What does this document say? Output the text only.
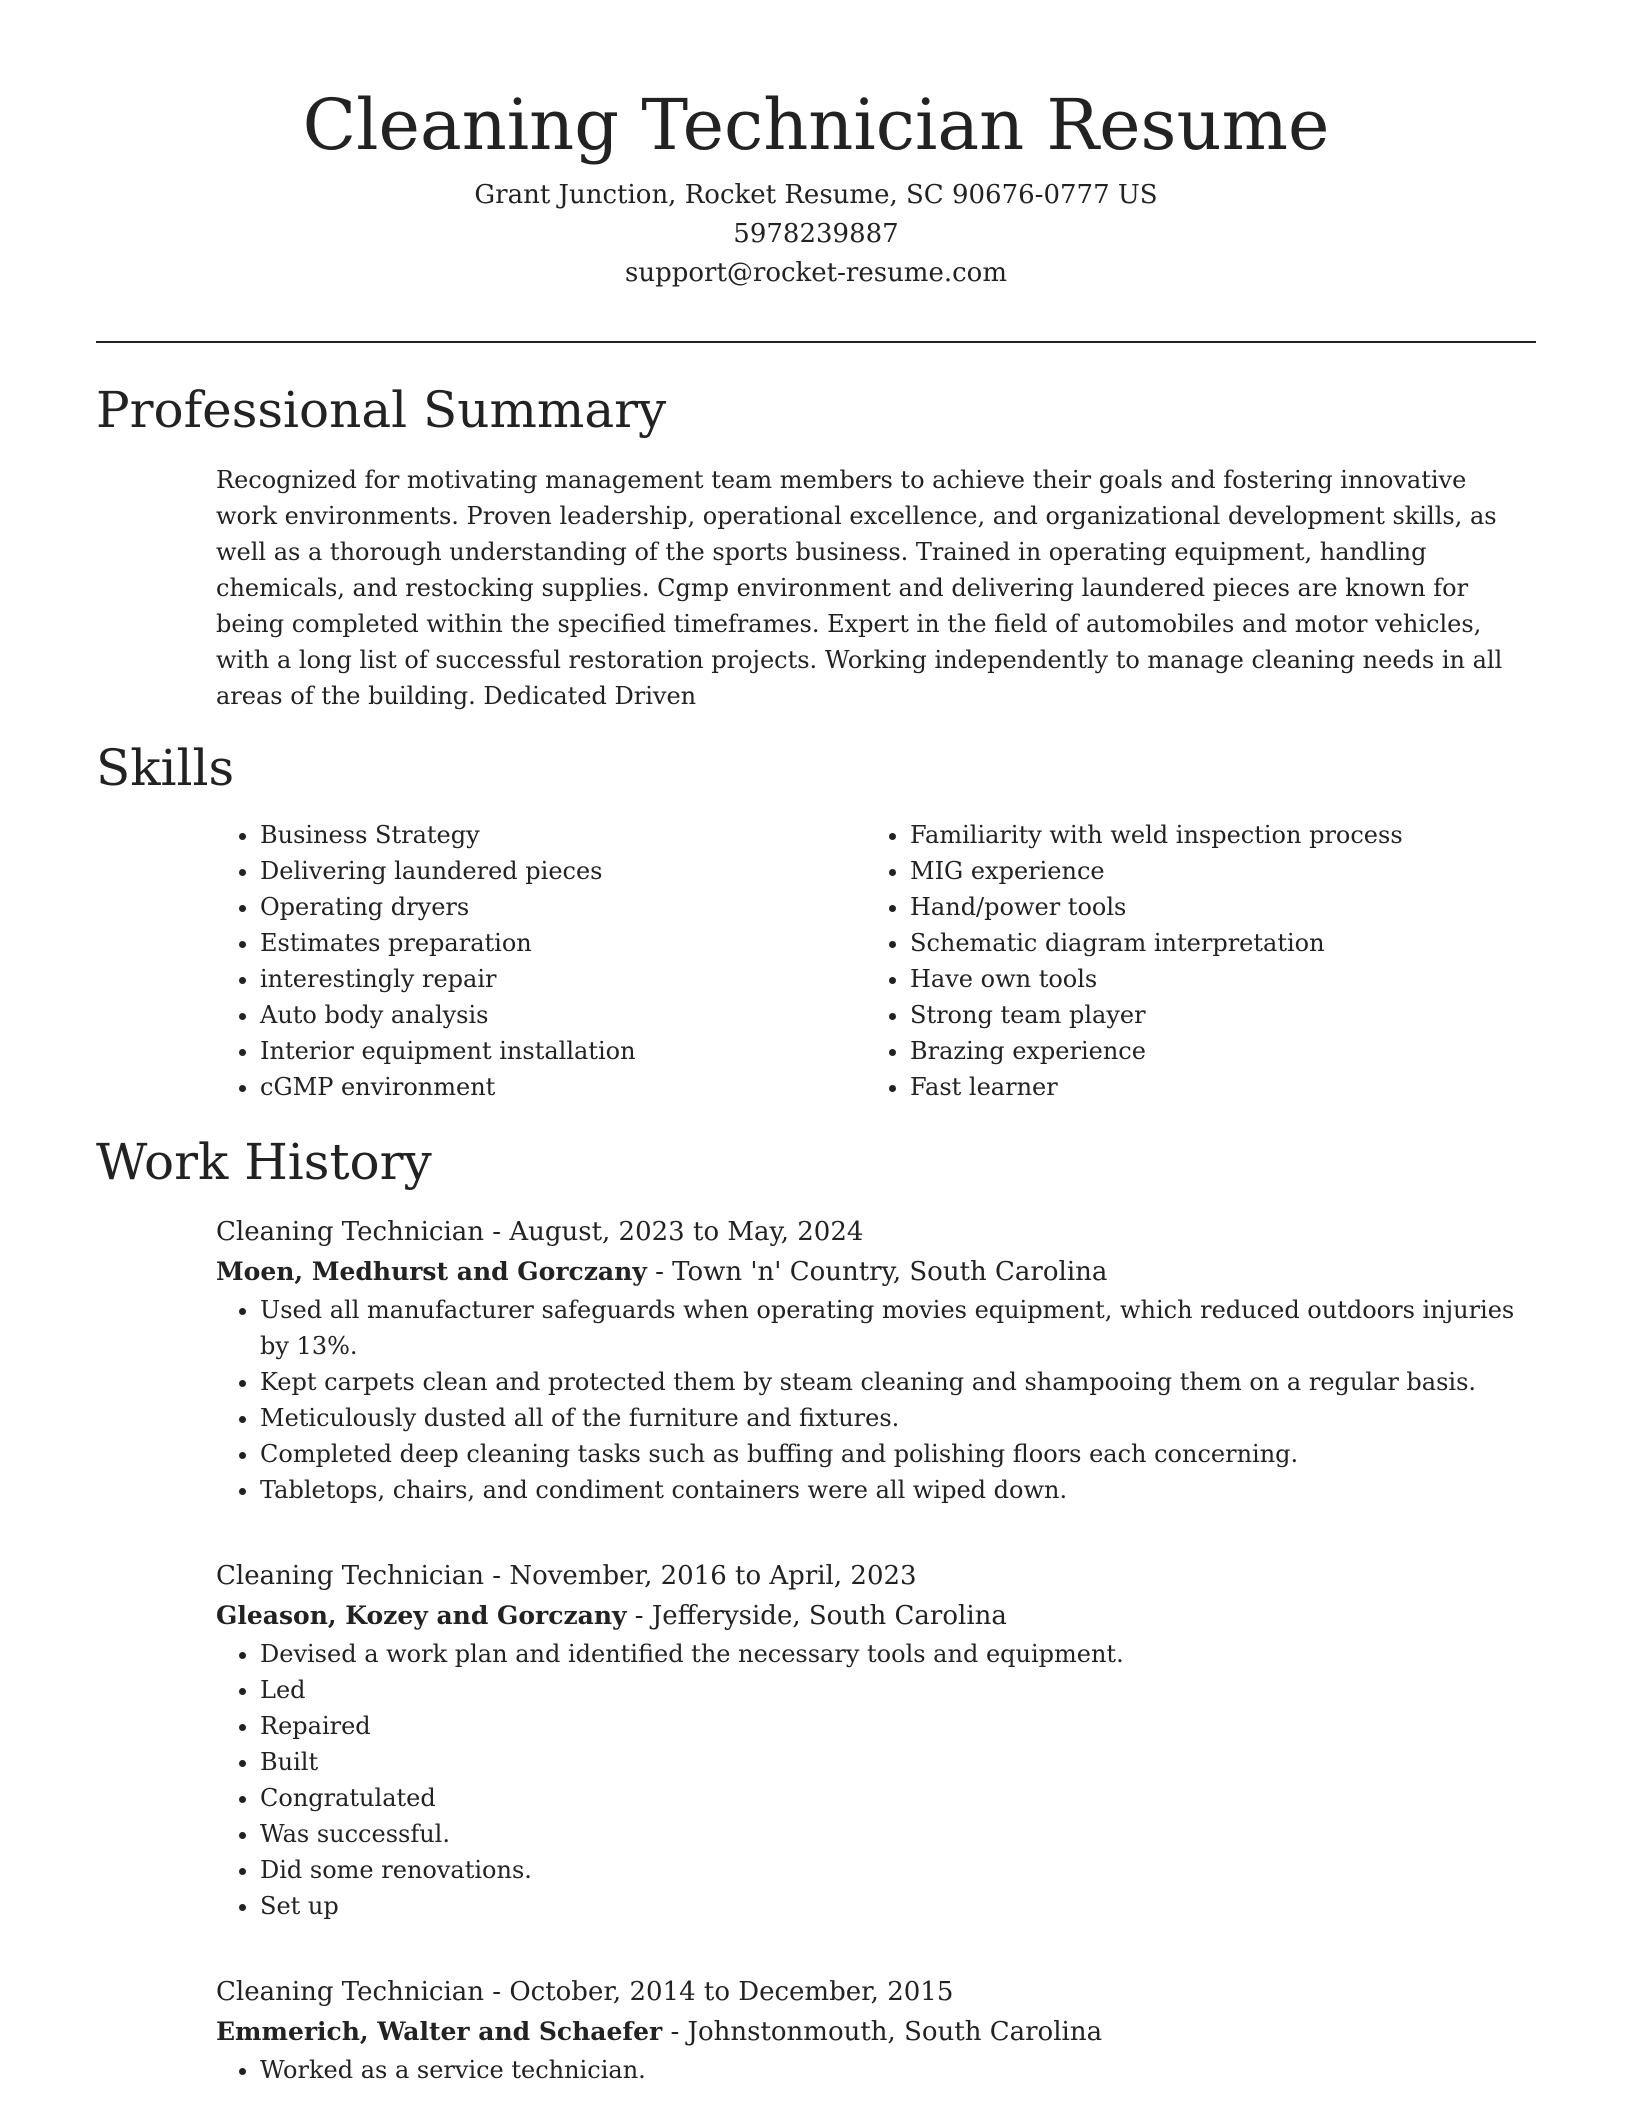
Cleaning Technician Resume
Grant Junction, Rocket Resume, SC 90676-0777 US
5978239887
support@rocket-resume.com
Professional Summary

Recognized for motivating management team members to achieve their goals and fostering innovative work environments. Proven leadership, operational excellence, and organizational development skills, as well as a thorough understanding of the sports business. Trained in operating equipment, handling chemicals, and restocking supplies. Cgmp environment and delivering laundered pieces are known for being completed within the specified timeframes. Expert in the field of automobiles and motor vehicles, with a long list of successful restoration projects. Working independently to manage cleaning needs in all areas of the building. Dedicated Driven

Skills
• Business Strategy
• Delivering laundered pieces
• Operating dryers
• Estimates preparation
• interestingly repair
• Auto body analysis
• Interior equipment installation
• cGMP environment
• Familiarity with weld inspection process
• MIG experience
• Hand/power tools
• Schematic diagram interpretation
• Have own tools
• Strong team player
• Brazing experience
• Fast learner
Work History

Cleaning Technician - August, 2023 to May, 2024

Moen, Medhurst and Gorczany - Town 'n' Country, South Carolina

• Used all manufacturer safeguards when operating movies equipment, which reduced outdoors injuries by 13%.
• Kept carpets clean and protected them by steam cleaning and shampooing them on a regular basis.
• Meticulously dusted all of the furniture and fixtures.
• Completed deep cleaning tasks such as buffing and polishing floors each concerning.
• Tabletops, chairs, and condiment containers were all wiped down.

Cleaning Technician - November, 2016 to April, 2023

Gleason, Kozey and Gorczany - Jefferyside, South Carolina

• Devised a work plan and identified the necessary tools and equipment.
• Led
• Repaired
• Built
• Congratulated
• Was successful.
• Did some renovations.
• Set up

Cleaning Technician - October, 2014 to December, 2015

Emmerich, Walter and Schaefer - Johnstonmouth, South Carolina

• Worked as a service technician.
